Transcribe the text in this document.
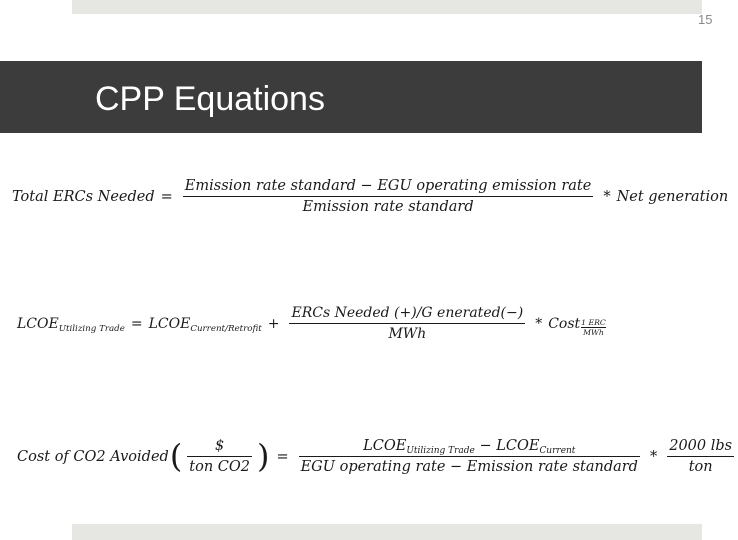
15
CPP Equations
Total ERCs Needed = $\frac{\text{Emission rate standard − EGU operating emission rate}}{\text{Emission rate standard}}$ * Net generation
$LCOE_{Utilizing Trade}$ = $LCOE_{Current/Retrofit} + \frac{\text{ERCs Needed (+)/G enerated(−)}}{\text{MWh}}$ * Cost $\frac{\text{1 ERC}}{\text{MWh}}$
Cost of CO2 Avoided ( $\frac{\$}{\text{ton CO2}}$ ) = $\frac{LCOE_{Utilizing Trade} - LCOE_{Current}}{\text{EGU operating rate − Emission rate standard}} * \frac{\text{2000 lbs}}{\text{ton}}$
